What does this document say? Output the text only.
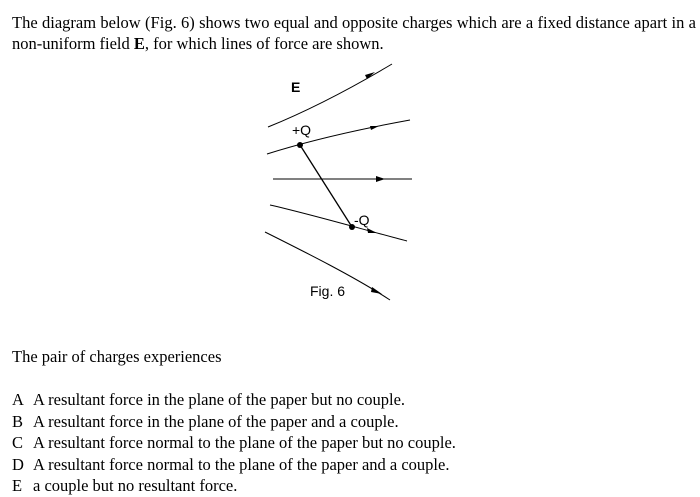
The diagram below (Fig. 6) shows two equal and opposite charges which are a fixed distance apart in a non-uniform field E, for which lines of force are shown.

E
+Q
-Q
Fig. 6

The pair of charges experiences

A A resultant force in the plane of the paper but no couple.
B A resultant force in the plane of the paper and a couple.
C A resultant force normal to the plane of the paper but no couple.
D A resultant force normal to the plane of the paper and a couple.
E a couple but no resultant force.
